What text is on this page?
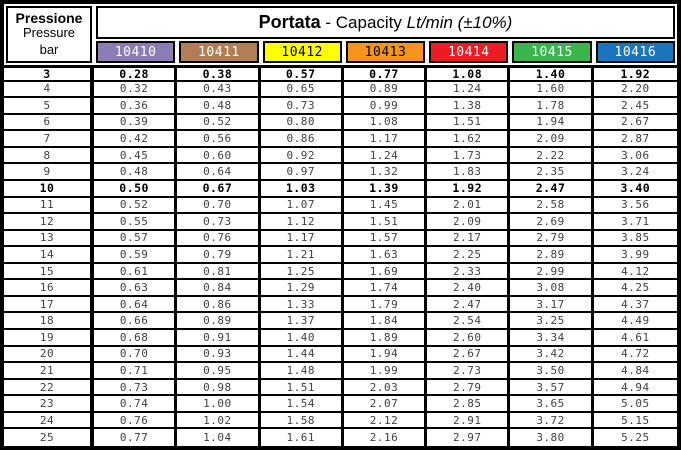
Pressione
Pressure
bar
Portata - Capacity Lt/min (±10%)
10410	10411	10412	10413	10414	10415	10416
3	0.28	0.38	0.57	0.77	1.08	1.40	1.92
4	0.32	0.43	0.65	0.89	1.24	1.60	2.20
5	0.36	0.48	0.73	0.99	1.38	1.78	2.45
6	0.39	0.52	0.80	1.08	1.51	1.94	2.67
7	0.42	0.56	0.86	1.17	1.62	2.09	2.87
8	0.45	0.60	0.92	1.24	1.73	2.22	3.06
9	0.48	0.64	0.97	1.32	1.83	2.35	3.24
10	0.50	0.67	1.03	1.39	1.92	2.47	3.40
11	0.52	0.70	1.07	1.45	2.01	2.58	3.56
12	0.55	0.73	1.12	1.51	2.09	2.69	3.71
13	0.57	0.76	1.17	1.57	2.17	2.79	3.85
14	0.59	0.79	1.21	1.63	2.25	2.89	3.99
15	0.61	0.81	1.25	1.69	2.33	2.99	4.12
16	0.63	0.84	1.29	1.74	2.40	3.08	4.25
17	0.64	0.86	1.33	1.79	2.47	3.17	4.37
18	0.66	0.89	1.37	1.84	2.54	3.25	4.49
19	0.68	0.91	1.40	1.89	2.60	3.34	4.61
20	0.70	0.93	1.44	1.94	2.67	3.42	4.72
21	0.71	0.95	1.48	1.99	2.73	3.50	4.84
22	0.73	0.98	1.51	2.03	2.79	3.57	4.94
23	0.74	1.00	1.54	2.07	2.85	3.65	5.05
24	0.76	1.02	1.58	2.12	2.91	3.72	5.15
25	0.77	1.04	1.61	2.16	2.97	3.80	5.25
